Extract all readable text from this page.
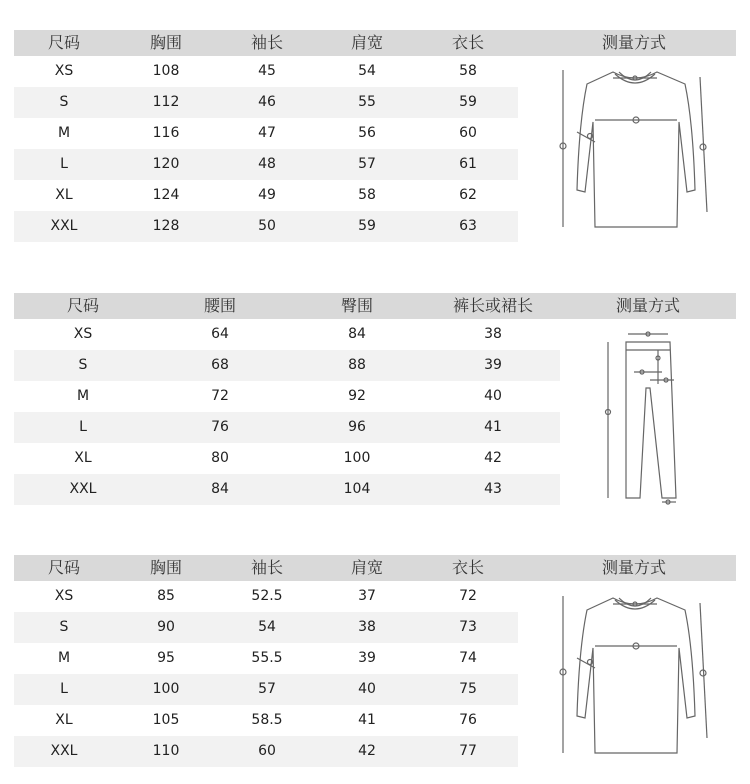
尺码	胸围	袖长	肩宽	衣长	测量方式
XS	108	45	54	58
S	112	46	55	59
M	116	47	56	60
L	120	48	57	61
XL	124	49	58	62
XXL	128	50	59	63
尺码	腰围	臀围	裤长或裙长	测量方式
XS	64	84	38
S	68	88	39
M	72	92	40
L	76	96	41
XL	80	100	42
XXL	84	104	43
尺码	胸围	袖长	肩宽	衣长	测量方式
XS	85	52.5	37	72
S	90	54	38	73
M	95	55.5	39	74
L	100	57	40	75
XL	105	58.5	41	76
XXL	110	60	42	77
